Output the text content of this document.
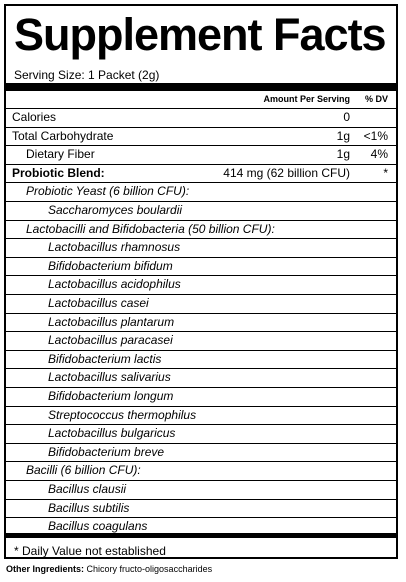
Supplement Facts
Serving Size: 1 Packet (2g)
Amount Per Serving % DV
Calories	0
Total Carbohydrate	1g <1%
Dietary Fiber	1g 4%
Probiotic Blend:	414 mg (62 billion CFU)	*
Probiotic Yeast (6 billion CFU):
Saccharomyces boulardii
Lactobacilli and Bifidobacteria (50 billion CFU):
Lactobacillus rhamnosus
Bifidobacterium bifidum
Lactobacillus acidophilus
Lactobacillus casei
Lactobacillus plantarum
Lactobacillus paracasei
Bifidobacterium lactis
Lactobacillus salivarius
Bifidobacterium longum
Streptococcus thermophilus
Lactobacillus bulgaricus
Bifidobacterium breve
Bacilli (6 billion CFU):
Bacillus clausii
Bacillus subtilis
Bacillus coagulans
* Daily Value not established
Other Ingredients: Chicory fructo-oligosaccharides
